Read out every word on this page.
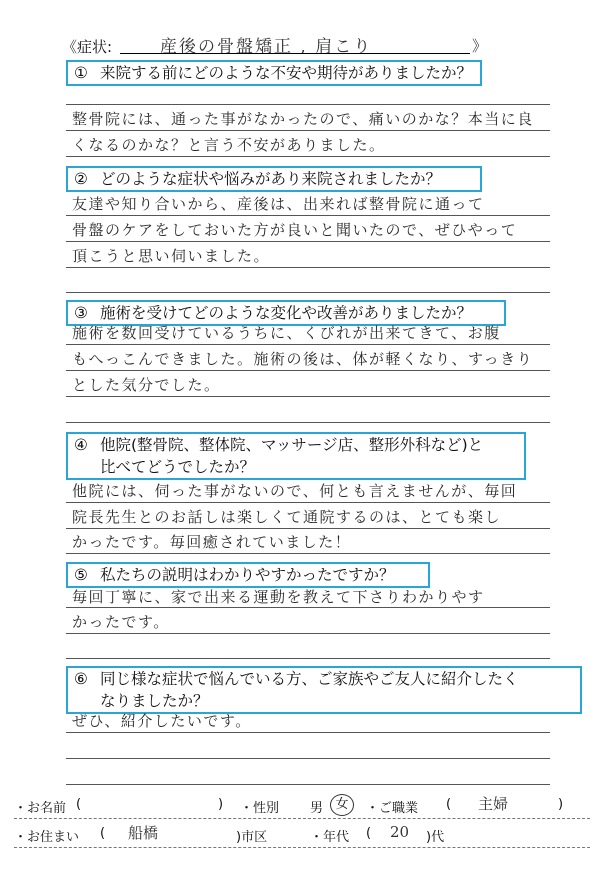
《症状:	産後の骨盤矯正 , 肩こり	》
① 来院する前にどのような不安や期待がありましたか？
整骨院には、通った事がなかったので、痛いのかな？本当に良
くなるのかな？と言う不安がありました。
② どのような症状や悩みがあり来院されましたか？
友達や知り合いから、産後は、出来れば整骨院に通って
骨盤のケアをしておいた方が良いと聞いたので、ぜひやって
頂こうと思い伺いました。
③ 施術を受けてどのような変化や改善がありましたか？
施術を数回受けているうちに、くびれが出来てきて、お腹
もへっこんできました。施術の後は、体が軽くなり、すっきり
とした気分でした。
④ 他院(整骨院、整体院、マッサージ店、整形外科など)と
比べてどうでしたか？
他院には、伺った事がないので、何とも言えませんが、毎回
院長先生とのお話しは楽しくて通院するのは、とても楽し
かったです。毎回癒されていました！
⑤ 私たちの説明はわかりやすかったですか？
毎回丁寧に、家で出来る運動を教えて下さりわかりやす
かったです。
⑥ 同じ様な症状で悩んでいる方、ご家族やご友人に紹介したく
なりましたか？
ぜひ、紹介したいです。
・お名前 (	) ・性別 男 女	・ご職業 ( 主婦	)
・お住まい ( 船橋	)市区	・年代 ( 20 )代
